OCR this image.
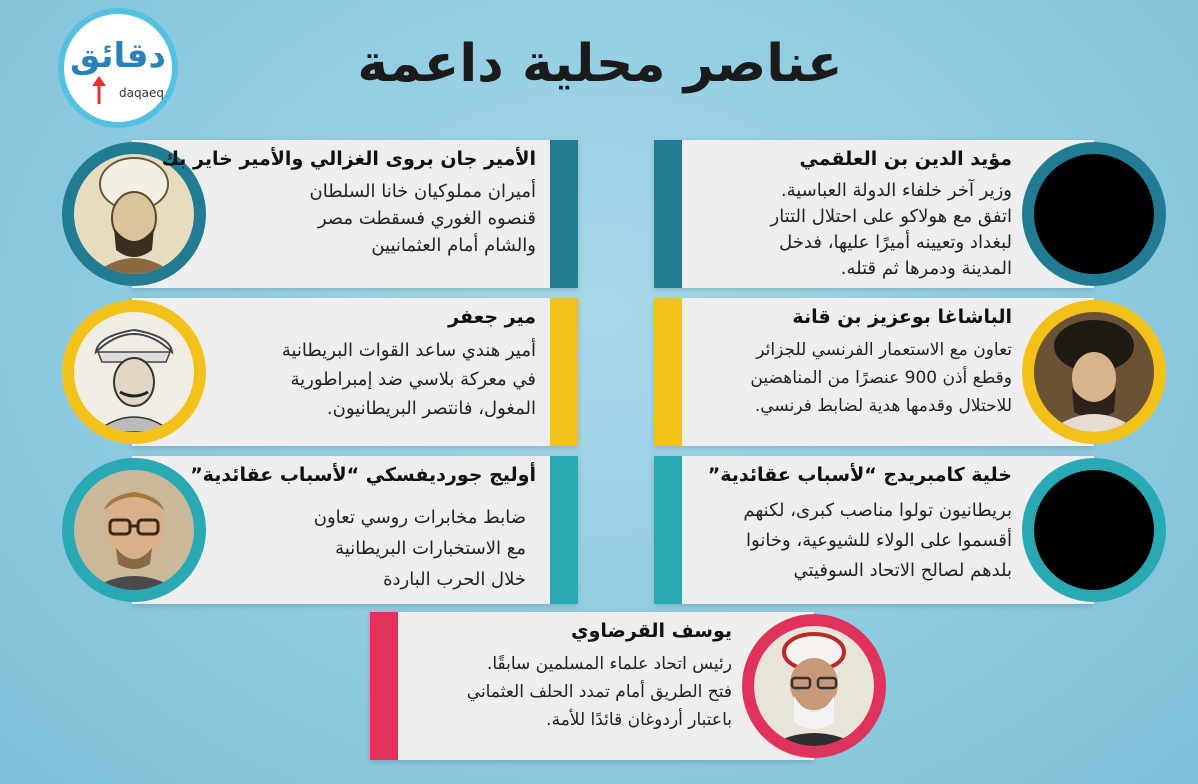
دقائق
daqaeq	عناصر محلية داعمة
مؤيد الدين بن العلقمي
وزير آخر خلفاء الدولة العباسية.
اتفق مع هولاكو على احتلال التتار
لبغداد وتعيينه أميرًا عليها، فدخل
المدينة ودمرها ثم قتله.
الأمير جان بروى الغزالي والأمير خاير بك
أميران مملوكيان خانا السلطان
قنصوه الغوري فسقطت مصر
والشام أمام العثمانيين
الباشاغا بوعزيز بن قانة
تعاون مع الاستعمار الفرنسي للجزائر
وقطع أذن 900 عنصرًا من المناهضين
للاحتلال وقدمها هدية لضابط فرنسي.
مير جعفر
أمير هندي ساعد القوات البريطانية
في معركة بلاسي ضد إمبراطورية
المغول، فانتصر البريطانيون.
خلية كامبريدج “لأسباب عقائدية”
بريطانيون تولوا مناصب كبرى، لكنهم
أقسموا على الولاء للشيوعية، وخانوا
بلدهم لصالح الاتحاد السوفيتي
أوليج جورديفسكي “لأسباب عقائدية”
ضابط مخابرات روسي تعاون
مع الاستخبارات البريطانية
خلال الحرب الباردة
يوسف القرضاوي
رئيس اتحاد علماء المسلمين سابقًا.
فتح الطريق أمام تمدد الحلف العثماني
باعتبار أردوغان قائدًا للأمة.
